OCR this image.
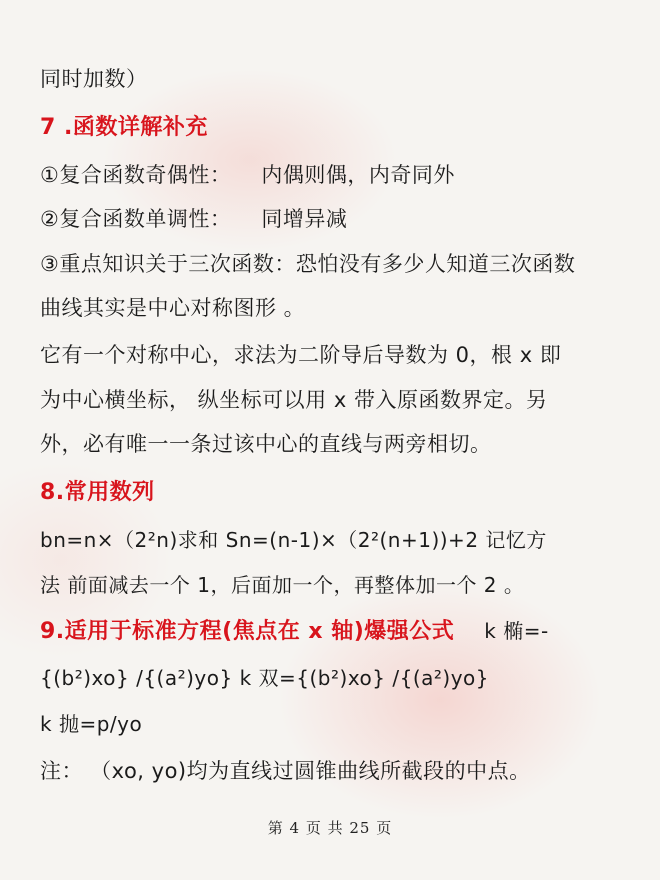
同时加数）
7 .函数详解补充
①复合函数奇偶性： 内偶则偶，内奇同外
②复合函数单调性： 同增异减
③重点知识关于三次函数：恐怕没有多少人知道三次函数
曲线其实是中心对称图形 。
它有一个对称中心，求法为二阶导后导数为 0，根 x 即
为中心横坐标， 纵坐标可以用 x 带入原函数界定。另
外，必有唯一一条过该中心的直线与两旁相切。
8.常用数列
bn=n×（2²n)求和 Sn=(n-1)×（2²(n+1))+2 记忆方
法 前面减去一个 1，后面加一个，再整体加一个 2 。
9.适用于标准方程(焦点在 x 轴)爆强公式 k 椭=-
{(b²)xo} /{(a²)yo} k 双={(b²)xo} /{(a²)yo}
k 抛=p/yo
注： （xo, yo)均为直线过圆锥曲线所截段的中点。
第 4 页 共 25 页
